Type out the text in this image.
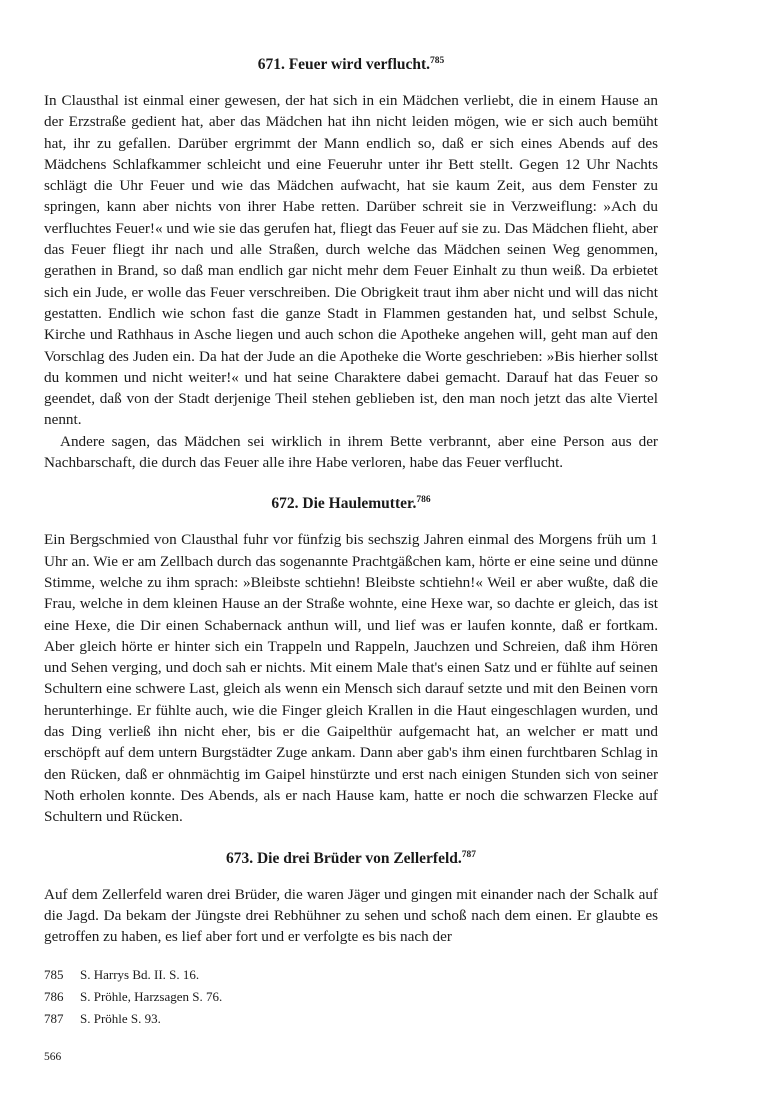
671. Feuer wird verflucht.$^{785}$

In Clausthal ist einmal einer gewesen, der hat sich in ein Mädchen verliebt, die in einem Hause an der Erzstraße gedient hat, aber das Mädchen hat ihn nicht leiden mögen, wie er sich auch bemüht hat, ihr zu gefallen. Darüber ergrimmt der Mann endlich so, daß er sich eines Abends auf des Mädchens Schlafkammer schleicht und eine Feueruhr unter ihr Bett stellt. Gegen 12 Uhr Nachts schlägt die Uhr Feuer und wie das Mädchen aufwacht, hat sie kaum Zeit, aus dem Fenster zu springen, kann aber nichts von ihrer Habe retten. Darüber schreit sie in Verzweiflung: »Ach du verfluchtes Feuer!« und wie sie das gerufen hat, fliegt das Feuer auf sie zu. Das Mädchen flieht, aber das Feuer fliegt ihr nach und alle Straßen, durch welche das Mädchen seinen Weg genommen, gerathen in Brand, so daß man endlich gar nicht mehr dem Feuer Einhalt zu thun weiß. Da erbietet sich ein Jude, er wolle das Feuer verschreiben. Die Obrigkeit traut ihm aber nicht und will das nicht gestatten. Endlich wie schon fast die ganze Stadt in Flammen gestanden hat, und selbst Schule, Kirche und Rathhaus in Asche liegen und auch schon die Apotheke angehen will, geht man auf den Vorschlag des Juden ein. Da hat der Jude an die Apotheke die Worte geschrieben: »Bis hierher sollst du kommen und nicht weiter!« und hat seine Charaktere dabei gemacht. Darauf hat das Feuer so geendet, daß von der Stadt derjenige Theil stehen geblieben ist, den man noch jetzt das alte Viertel nennt.

Andere sagen, das Mädchen sei wirklich in ihrem Bette verbrannt, aber eine Person aus der Nachbarschaft, die durch das Feuer alle ihre Habe verloren, habe das Feuer verflucht.

672. Die Haulemutter.$^{786}$

Ein Bergschmied von Clausthal fuhr vor fünfzig bis sechszig Jahren einmal des Morgens früh um 1 Uhr an. Wie er am Zellbach durch das sogenannte Prachtgäßchen kam, hörte er eine seine und dünne Stimme, welche zu ihm sprach: »Bleibste schtiehn! Bleibste schtiehn!« Weil er aber wußte, daß die Frau, welche in dem kleinen Hause an der Straße wohnte, eine Hexe war, so dachte er gleich, das ist eine Hexe, die Dir einen Schabernack anthun will, und lief was er laufen konnte, daß er fortkam. Aber gleich hörte er hinter sich ein Trappeln und Rappeln, Jauchzen und Schreien, daß ihm Hören und Sehen verging, und doch sah er nichts. Mit einem Male that's einen Satz und er fühlte auf seinen Schultern eine schwere Last, gleich als wenn ein Mensch sich darauf setzte und mit den Beinen vorn herunterhinge. Er fühlte auch, wie die Finger gleich Krallen in die Haut eingeschlagen wurden, und das Ding verließ ihn nicht eher, bis er die Gaipelthür aufgemacht hat, an welcher er matt und erschöpft auf dem untern Burgstädter Zuge ankam. Dann aber gab's ihm einen furchtbaren Schlag in den Rücken, daß er ohnmächtig im Gaipel hinstürzte und erst nach einigen Stunden sich von seiner Noth erholen konnte. Des Abends, als er nach Hause kam, hatte er noch die schwarzen Flecke auf Schultern und Rücken.

673. Die drei Brüder von Zellerfeld.$^{787}$

Auf dem Zellerfeld waren drei Brüder, die waren Jäger und gingen mit einander nach der Schalk auf die Jagd. Da bekam der Jüngste drei Rebhühner zu sehen und schoß nach dem einen. Er glaubte es getroffen zu haben, es lief aber fort und er verfolgte es bis nach der

785 S. Harrys Bd. II. S. 16.
786 S. Pröhle, Harzsagen S. 76.
787 S. Pröhle S. 93.
566
